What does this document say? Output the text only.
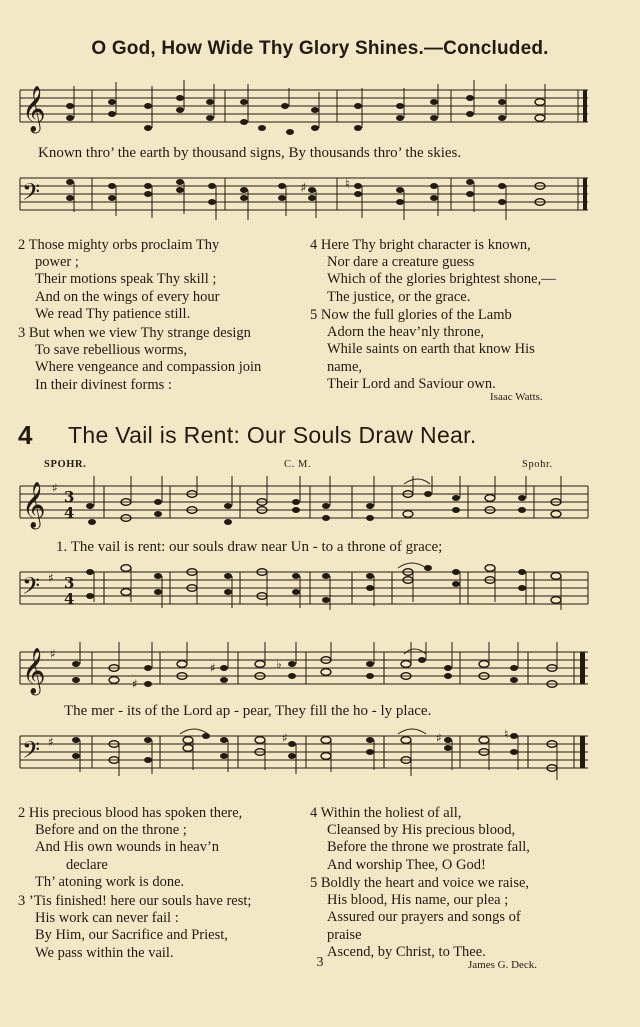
O God, How Wide Thy Glory Shines.—Concluded.
𝄞
Known thro’ the earth by thousand signs, By thousands thro’ the skies.
𝄢	♯	♮
2 Those mighty orbs proclaim Thy
power ;
Their motions speak Thy skill ;
And on the wings of every hour
We read Thy patience still.
3 But when we view Thy strange design
To save rebellious worms,
Where vengeance and compassion join
In their divinest forms :
4 Here Thy bright character is known,
Nor dare a creature guess
Which of the glories brightest shone,—
The justice, or the grace.
5 Now the full glories of the Lamb
Adorn the heav’nly throne,
While saints on earth that know His
name,
Their Lord and Saviour own.
Isaac Watts.
4 The Vail is Rent: Our Souls Draw Near.
SPOHR.	C. M.	Spohr.
𝄞 ♯ 3
4
1. The vail is rent: our souls draw near Un - to a throne of grace;
𝄢 ♯ 3
4
𝄞 ♯
♯
♯	♭
The mer - its of the Lord ap - pear, They fill the ho - ly place.
𝄢 ♯	♯	♯	♮
2 His precious blood has spoken there,
Before and on the throne ;
And His own wounds in heav’n
declare
Th’ atoning work is done.
3 ’Tis finished! here our souls have rest;
His work can never fail :
By Him, our Sacrifice and Priest,
We pass within the vail.
4 Within the holiest of all,
Cleansed by His precious blood,
Before the throne we prostrate fall,
And worship Thee, O God!
5 Boldly the heart and voice we raise,
His blood, His name, our plea ;
Assured our prayers and songs of
praise
Ascend, by Christ, to Thee.
James G. Deck.
3
